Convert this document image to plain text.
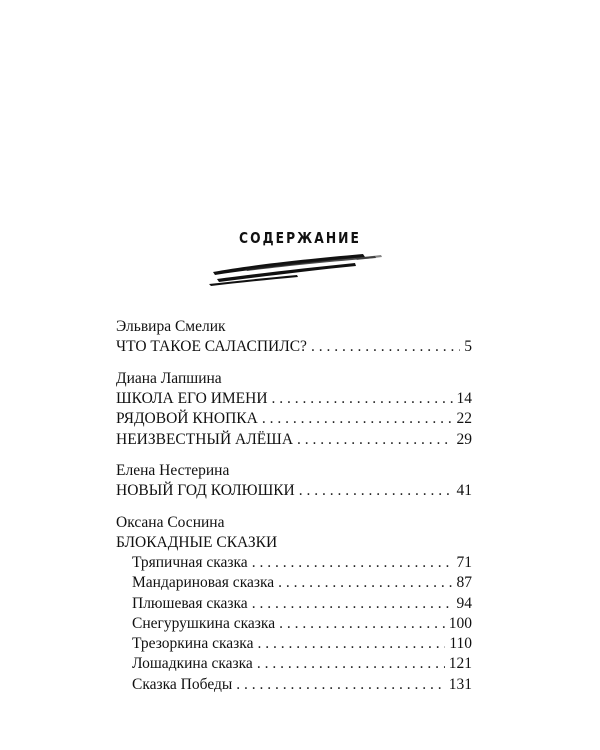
СОДЕРЖАНИЕ
Эльвира Смелик
ЧТО ТАКОЕ САЛАСПИЛС? . . .	5
Диана Лапшина
ШКОЛА ЕГО ИМЕНИ . . .	14
РЯДОВОЙ КНОПКА . . .	22
НЕИЗВЕСТНЫЙ АЛЁША . . .	29
Елена Нестерина
НОВЫЙ ГОД КОЛЮШКИ . . .	41
Оксана Соснина
БЛОКАДНЫЕ СКАЗКИ
Тряпичная сказка . . .	71
Мандариновая сказка . . .	87
Плюшевая сказка . . .	94
Снегурушкина сказка . . .	100
Трезоркина сказка . . .	110
Лошадкина сказка . . .	121
Сказка Победы . . .	131
